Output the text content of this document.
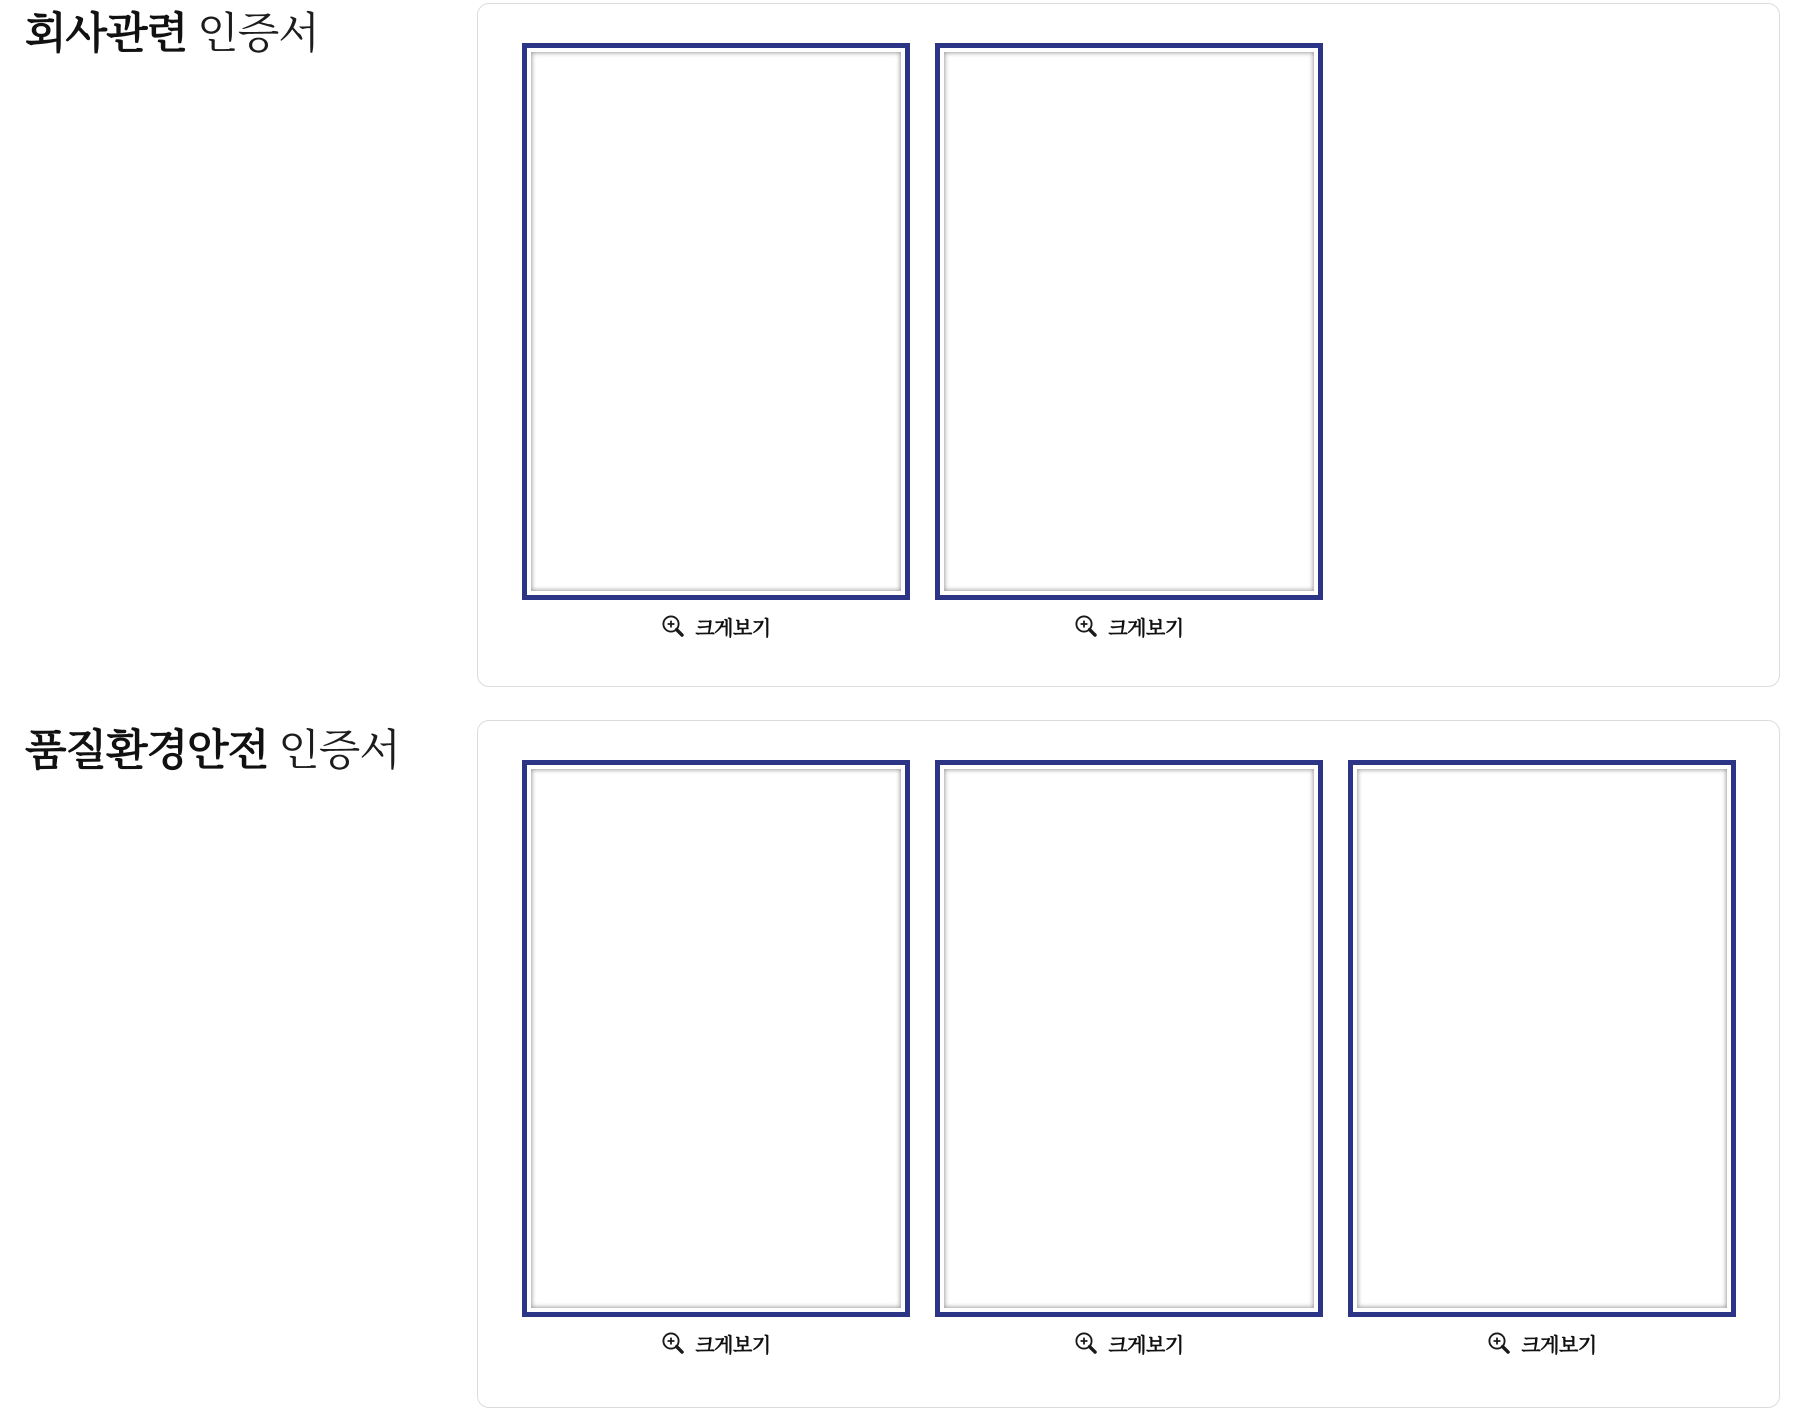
회사관련 인증서
크게보기	크게보기
품질환경안전 인증서
크게보기	크게보기	크게보기
